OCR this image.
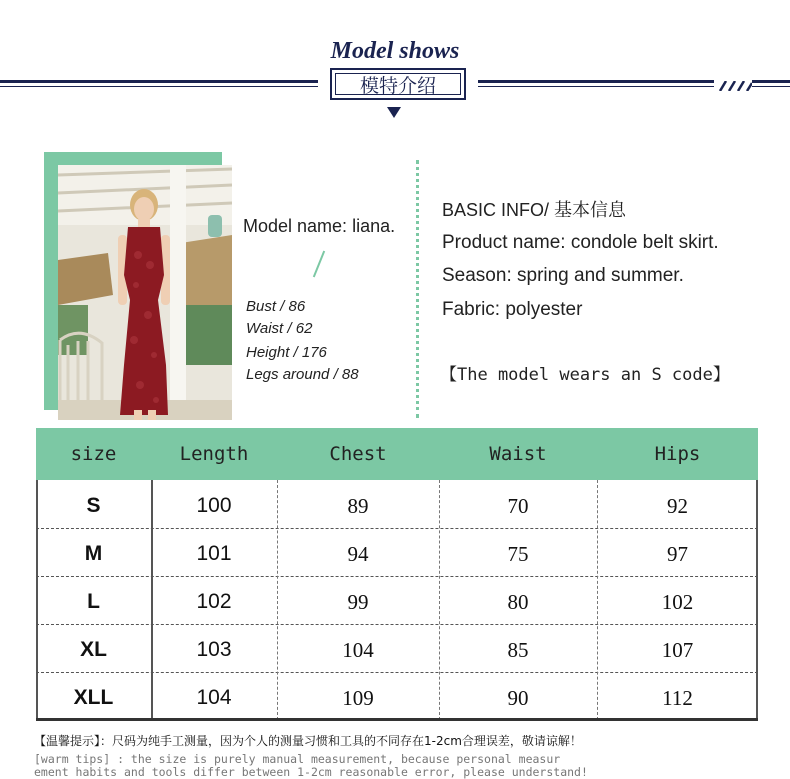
Model shows
模特介绍
Model name: liana.
Bust / 86
Waist / 62
Height / 176
Legs around / 88
BASIC INFO/ 基本信息
Product name: condole belt skirt.
Season: spring and summer.
Fabric: polyester
【The model wears an S code】
size	Length	Chest	Waist	Hips
S	100	89	70	92
M	101	94	75	97
L	102	99	80	102
XL	103	104	85	107
XLL	104	109	90	112
【温馨提示】：尺码为纯手工测量，因为个人的测量习惯和工具的不同存在1-2cm合理误差，敬请谅解！
[warm tips] : the size is purely manual measurement, because personal measur
ement habits and tools differ between 1-2cm reasonable error, please understand!
